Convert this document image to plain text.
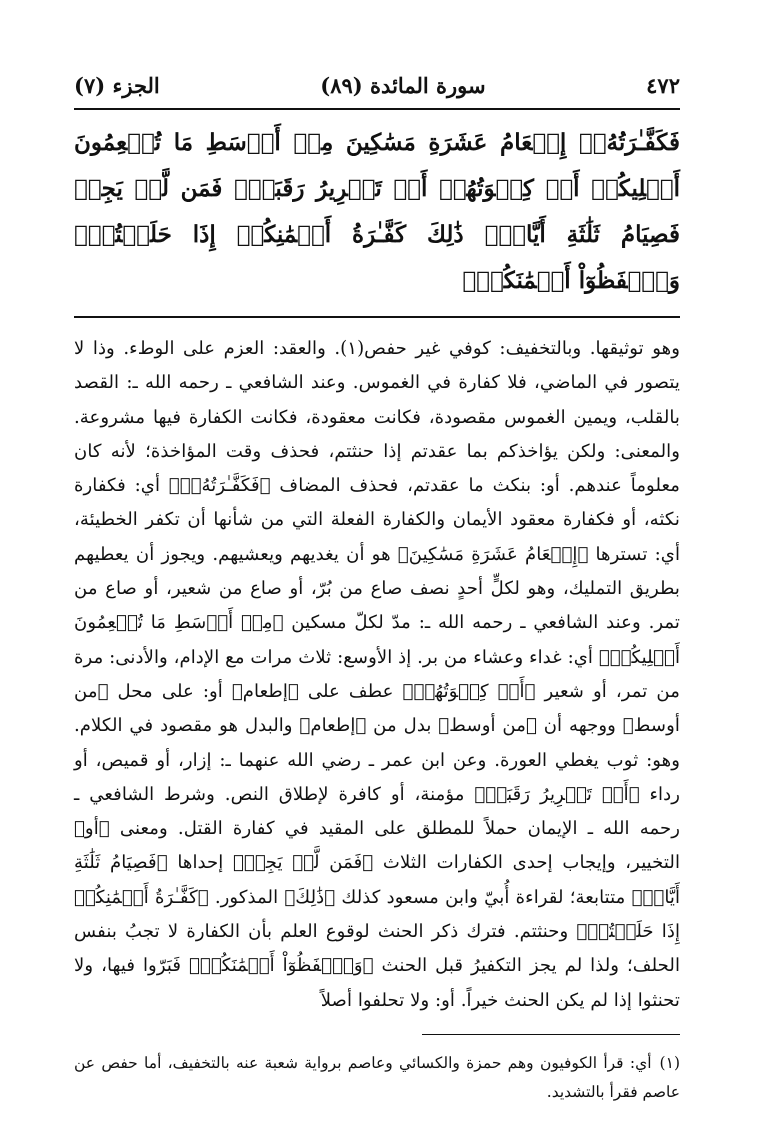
٤٧٢
سورة المائدة (٨٩)
الجزء (٧)
فَكَفَّـٰرَتُهُۥٓ إِطۡعَامُ عَشَرَةِ مَسَٰكِينَ مِنۡ أَوۡسَطِ مَا تُطۡعِمُونَ أَهۡلِيكُمۡ أَوۡ كِسۡوَتُهُمۡ أَوۡ تَحۡرِيرُ رَقَبَةٖۖ فَمَن لَّمۡ يَجِدۡ فَصِيَامُ ثَلَٰثَةِ أَيَّامٖۚ ذَٰلِكَ كَفَّـٰرَةُ أَيۡمَٰنِكُمۡ إِذَا حَلَفۡتُمۡۚ وَٱحۡفَظُوٓاْ أَيۡمَٰنَكُمۡۚ

وهو توثيقها. وبالتخفيف: كوفي غير حفص(١). والعقد: العزم على الوطء. وذا لا يتصور في الماضي، فلا كفارة في الغموس. وعند الشافعي ـ رحمه الله ـ: القصد بالقلب، ويمين الغموس مقصودة، فكانت معقودة، فكانت الكفارة فيها مشروعة. والمعنى: ولكن يؤاخذكم بما عقدتم إذا حنثتم، فحذف وقت المؤاخذة؛ لأنه كان معلوماً عندهم. أو: بنكث ما عقدتم، فحذف المضاف ﴿فَكَفَّـٰرَتُهُۥٓ﴾ أي: فكفارة نكثه، أو فكفارة معقود الأيمان والكفارة الفعلة التي من شأنها أن تكفر الخطيئة، أي: تسترها ﴿إِطۡعَامُ عَشَرَةِ مَسَٰكِينَ﴾ هو أن يغديهم ويعشيهم. ويجوز أن يعطيهم بطريق التمليك، وهو لكلٍّ أحدٍ نصف صاع من بُرّ، أو صاع من شعير، أو صاع من تمر. وعند الشافعي ـ رحمه الله ـ: مدّ لكلّ مسكين ﴿مِنۡ أَوۡسَطِ مَا تُطۡعِمُونَ أَهۡلِيكُمۡ﴾ أي: غداء وعشاء من بر. إذ الأوسع: ثلاث مرات مع الإدام، والأدنى: مرة من تمر، أو شعير ﴿أَوۡ كِسۡوَتُهُمۡ﴾ عطف على ﴿إطعام﴾ أو: على محل ﴿من أوسط﴾ ووجهه أن ﴿من أوسط﴾ بدل من ﴿إطعام﴾ والبدل هو مقصود في الكلام. وهو: ثوب يغطي العورة. وعن ابن عمر ـ رضي الله عنهما ـ: إزار، أو قميص، أو رداء ﴿أَوۡ تَحۡرِيرُ رَقَبَةٖ﴾ مؤمنة، أو كافرة لإطلاق النص. وشرط الشافعي ـ رحمه الله ـ الإيمان حملاً للمطلق على المقيد في كفارة القتل. ومعنى ﴿أو﴾ التخيير، وإيجاب إحدى الكفارات الثلاث ﴿فَمَن لَّمۡ يَجِدۡ﴾ إحداها ﴿فَصِيَامُ ثَلَٰثَةِ أَيَّامٖ﴾ متتابعة؛ لقراءة أُبيّ وابن مسعود كذلك ﴿ذَٰلِكَ﴾ المذكور. ﴿كَفَّـٰرَةُ أَيۡمَٰنِكُمۡ إِذَا حَلَفۡتُمۡ﴾ وحنثتم. فترك ذكر الحنث لوقوع العلم بأن الكفارة لا تجبُ بنفس الحلف؛ ولذا لم يجز التكفيرُ قبل الحنث ﴿وَٱحۡفَظُوٓاْ أَيۡمَٰنَكُمۡ﴾ فَبَرّوا فيها، ولا تحنثوا إذا لم يكن الحنث خيراً. أو: ولا تحلفوا أصلاً

(١)أي: قرأ الكوفيون وهم حمزة والكسائي وعاصم برواية شعبة عنه بالتخفيف، أما حفص عن عاصم فقرأ بالتشديد.
